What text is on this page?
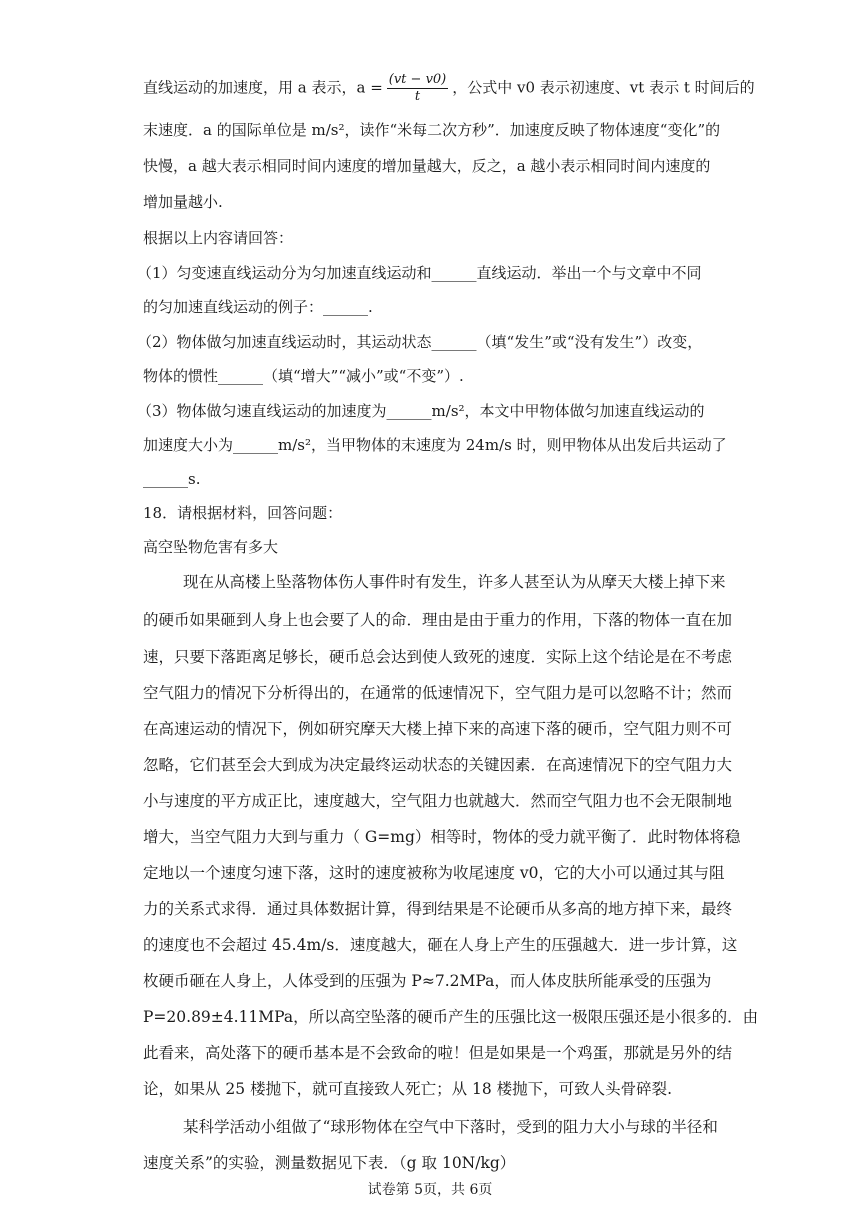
直线运动的加速度，用 a 表示，$a = \frac{(vt - v0)}{t}$ ，公式中 v0 表示初速度、vt 表示 t 时间后的
末速度．a 的国际单位是 m/s²，读作“米每二次方秒”．加速度反映了物体速度“变化”的
快慢，a 越大表示相同时间内速度的增加量越大，反之，a 越小表示相同时间内速度的
增加量越小.
根据以上内容请回答：
（1）匀变速直线运动分为匀加速直线运动和______直线运动．举出一个与文章中不同
的匀加速直线运动的例子：______.
（2）物体做匀加速直线运动时，其运动状态______（填“发生”或“没有发生”）改变，
物体的惯性______（填“增大”“减小”或“不变”）.
（3）物体做匀速直线运动的加速度为______m/s²，本文中甲物体做匀加速直线运动的
加速度大小为______m/s²，当甲物体的末速度为 24m/s 时，则甲物体从出发后共运动了
______s.
18．请根据材料，回答问题：
高空坠物危害有多大
现在从高楼上坠落物体伤人事件时有发生，许多人甚至认为从摩天大楼上掉下来
的硬币如果砸到人身上也会要了人的命．理由是由于重力的作用，下落的物体一直在加
速，只要下落距离足够长，硬币总会达到使人致死的速度．实际上这个结论是在不考虑
空气阻力的情况下分析得出的，在通常的低速情况下，空气阻力是可以忽略不计；然而
在高速运动的情况下，例如研究摩天大楼上掉下来的高速下落的硬币，空气阻力则不可
忽略，它们甚至会大到成为决定最终运动状态的关键因素．在高速情况下的空气阻力大
小与速度的平方成正比，速度越大，空气阻力也就越大．然而空气阻力也不会无限制地
增大，当空气阻力大到与重力（ G=mg）相等时，物体的受力就平衡了．此时物体将稳
定地以一个速度匀速下落，这时的速度被称为收尾速度 v0，它的大小可以通过其与阻
力的关系式求得．通过具体数据计算，得到结果是不论硬币从多高的地方掉下来，最终
的速度也不会超过 45.4m/s．速度越大，砸在人身上产生的压强越大．进一步计算，这
枚硬币砸在人身上，人体受到的压强为 P≈7.2MPa，而人体皮肤所能承受的压强为
P=20.89±4.11MPa，所以高空坠落的硬币产生的压强比这一极限压强还是小很多的．由
此看来，高处落下的硬币基本是不会致命的啦！但是如果是一个鸡蛋，那就是另外的结
论，如果从 25 楼抛下，就可直接致人死亡；从 18 楼抛下，可致人头骨碎裂.
某科学活动小组做了“球形物体在空气中下落时，受到的阻力大小与球的半径和
速度关系”的实验，测量数据见下表．（g 取 10N/kg）
试卷第 5页，共 6页
